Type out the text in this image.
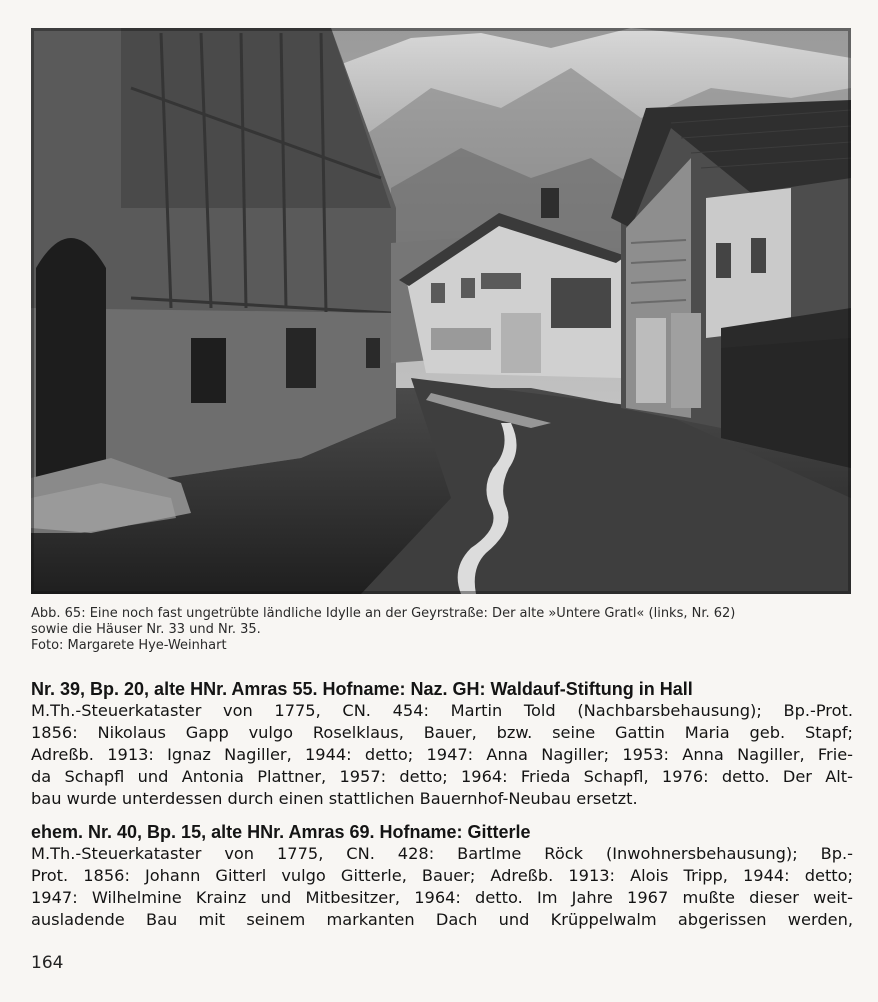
Abb. 65: Eine noch fast ungetrübte ländliche Idylle an der Geyrstraße: Der alte »Untere Gratl« (links, Nr. 62)
sowie die Häuser Nr. 33 und Nr. 35.
Foto: Margarete Hye-Weinhart
Nr. 39, Bp. 20, alte HNr. Amras 55. Hofname: Naz. GH: Waldauf-Stiftung in Hall
M.Th.-Steuerkataster von 1775, CN. 454: Martin Told (Nachbarsbehausung); Bp.-Prot.
1856: Nikolaus Gapp vulgo Roselklaus, Bauer, bzw. seine Gattin Maria geb. Stapf;
Adreßb. 1913: Ignaz Nagiller, 1944: detto; 1947: Anna Nagiller; 1953: Anna Nagiller, Frie-
da Schapfl und Antonia Plattner, 1957: detto; 1964: Frieda Schapfl, 1976: detto. Der Alt-
bau wurde unterdessen durch einen stattlichen Bauernhof-Neubau ersetzt.
ehem. Nr. 40, Bp. 15, alte HNr. Amras 69. Hofname: Gitterle
M.Th.-Steuerkataster von 1775, CN. 428: Bartlme Röck (Inwohnersbehausung); Bp.-
Prot. 1856: Johann Gitterl vulgo Gitterle, Bauer; Adreßb. 1913: Alois Tripp, 1944: detto;
1947: Wilhelmine Krainz und Mitbesitzer, 1964: detto. Im Jahre 1967 mußte dieser weit-
ausladende Bau mit seinem markanten Dach und Krüppelwalm abgerissen werden,
164
